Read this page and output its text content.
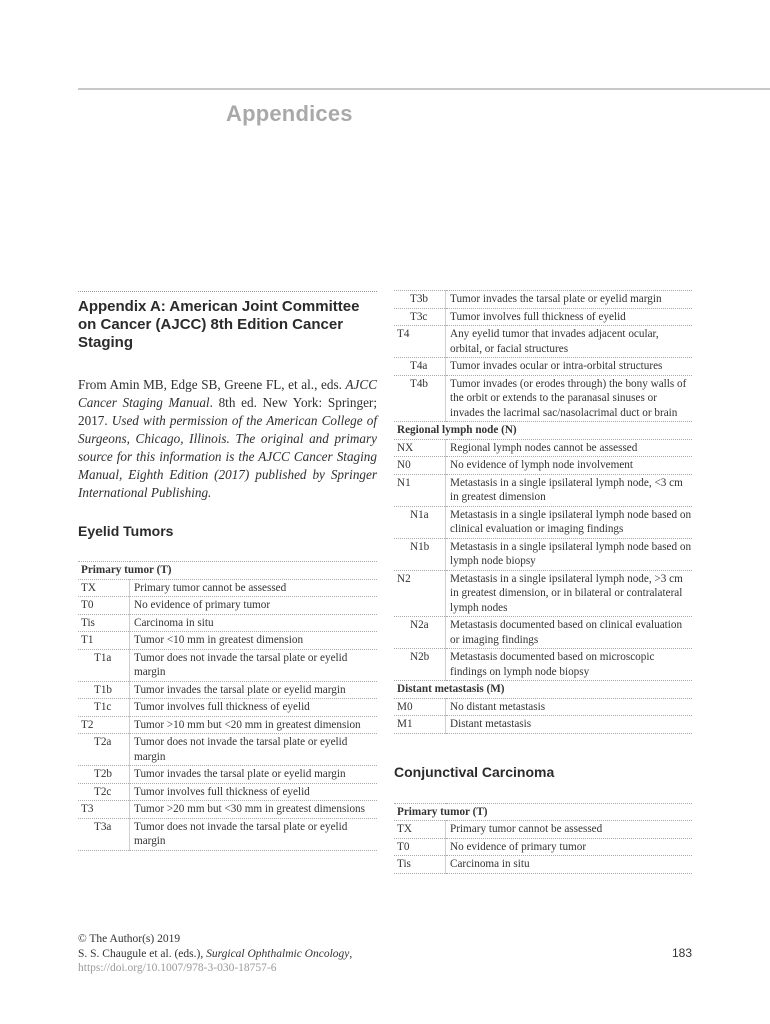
Appendices
Appendix A: American Joint Committee on Cancer (AJCC) 8th Edition Cancer Staging
From Amin MB, Edge SB, Greene FL, et al., eds. AJCC Cancer Staging Manual. 8th ed. New York: Springer; 2017. Used with permission of the American College of Surgeons, Chicago, Illinois. The original and primary source for this information is the AJCC Cancer Staging Manual, Eighth Edition (2017) published by Springer International Publishing.
Eyelid Tumors
Primary tumor (T)	
TX	Primary tumor cannot be assessed
T0	No evidence of primary tumor
Tis	Carcinoma in situ
T1	Tumor <10 mm in greatest dimension
T1a	Tumor does not invade the tarsal plate or eyelid margin
T1b	Tumor invades the tarsal plate or eyelid margin
T1c	Tumor involves full thickness of eyelid
T2	Tumor >10 mm but <20 mm in greatest dimension
T2a	Tumor does not invade the tarsal plate or eyelid margin
T2b	Tumor invades the tarsal plate or eyelid margin
T2c	Tumor involves full thickness of eyelid
T3	Tumor >20 mm but <30 mm in greatest dimensions
T3a	Tumor does not invade the tarsal plate or eyelid margin
T3b	Tumor invades the tarsal plate or eyelid margin
T3c	Tumor involves full thickness of eyelid
T4	Any eyelid tumor that invades adjacent ocular, orbital, or facial structures
T4a	Tumor invades ocular or intra-orbital structures
T4b	Tumor invades (or erodes through) the bony walls of the orbit or extends to the paranasal sinuses or invades the lacrimal sac/nasolacrimal duct or brain
Regional lymph node (N)	
NX	Regional lymph nodes cannot be assessed
N0	No evidence of lymph node involvement
N1	Metastasis in a single ipsilateral lymph node, <3 cm in greatest dimension
N1a	Metastasis in a single ipsilateral lymph node based on clinical evaluation or imaging findings
N1b	Metastasis in a single ipsilateral lymph node based on lymph node biopsy
N2	Metastasis in a single ipsilateral lymph node, >3 cm in greatest dimension, or in bilateral or contralateral lymph nodes
N2a	Metastasis documented based on clinical evaluation or imaging findings
N2b	Metastasis documented based on microscopic findings on lymph node biopsy
Distant metastasis (M)	
M0	No distant metastasis
M1	Distant metastasis
Conjunctival Carcinoma
Primary tumor (T)	
TX	Primary tumor cannot be assessed
T0	No evidence of primary tumor
Tis	Carcinoma in situ
© The Author(s) 2019
S. S. Chaugule et al. (eds.), Surgical Ophthalmic Oncology,
https://doi.org/10.1007/978-3-030-18757-6
183
